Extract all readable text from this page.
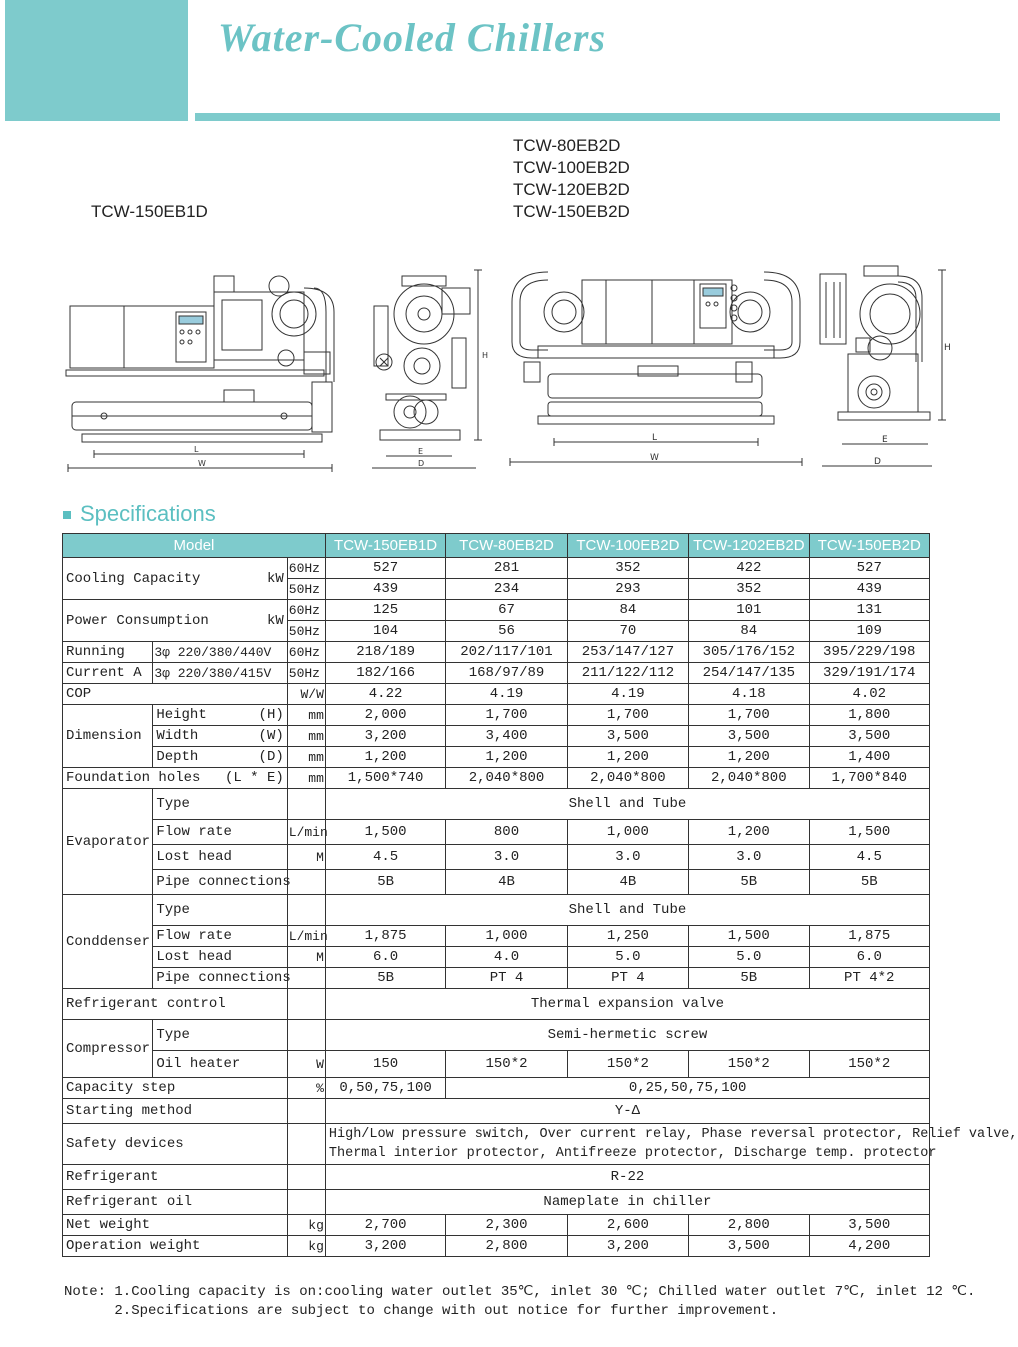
Water-Cooled Chillers
TCW-150EB1D
TCW-80EB2D
TCW-100EB2D
TCW-120EB2D
TCW-150EB2D
L
W
H
E
D
L
W
H
E
D
Specifications
Model			TCW-150EB1D	TCW-80EB2D	TCW-100EB2D	TCW-1202EB2D	TCW-150EB2D
Cooling Capacity kW		60Hz	527	281	352	422	527
		50Hz	439	234	293	352	439
Power Consumption kW		60Hz	125	67	84	101	131
		50Hz	104	56	70	84	109
Running	3φ 220/380/440V	60Hz	218/189	202/117/101	253/147/127	305/176/152	395/229/198
Current A	3φ 220/380/415V	50Hz	182/166	168/97/89	211/122/112	254/147/135	329/191/174
COP		W/W	4.22	4.19	4.19	4.18	4.02
Dimension	Height (H)	mm	2,000	1,700	1,700	1,700	1,800
	Width (W)	mm	3,200	3,400	3,500	3,500	3,500
	Depth (D)	mm	1,200	1,200	1,200	1,200	1,400
Foundation holes (L * E)		mm	1,500*740	2,040*800	2,040*800	2,040*800	1,700*840
Evaporator	Type		Shell and Tube				
	Flow rate	L/min	1,500	800	1,000	1,200	1,500
	Lost head	M	4.5	3.0	3.0	3.0	4.5
	Pipe connections		5B	4B	4B	5B	5B
Conddenser	Type		Shell and Tube				
	Flow rate	L/min	1,875	1,000	1,250	1,500	1,875
	Lost head	M	6.0	4.0	5.0	5.0	6.0
	Pipe connections		5B	PT 4	PT 4	5B	PT 4*2
Refrigerant control			Thermal expansion valve				
Compressor	Type		Semi-hermetic screw				
	Oil heater	W	150	150*2	150*2	150*2	150*2
Capacity step		%	0,50,75,100	0,25,50,75,100			
Starting method			Y-Δ				
Safety devices			High/Low pressure switch, Over current relay, Phase reversal protector, Relief valve,
Thermal interior protector, Antifreeze protector, Discharge temp. protector				

Refrigerant			R-22				
Refrigerant oil			Nameplate in chiller				
Net weight		kg	2,700	2,300	2,600	2,800	3,500
Operation weight		kg	3,200	2,800	3,200	3,500	4,200
Note: 1.Cooling capacity is on:cooling water outlet 35℃, inlet 30 ℃; Chilled water outlet 7℃, inlet 12 ℃.
2.Specifications are subject to change with out notice for further improvement.
